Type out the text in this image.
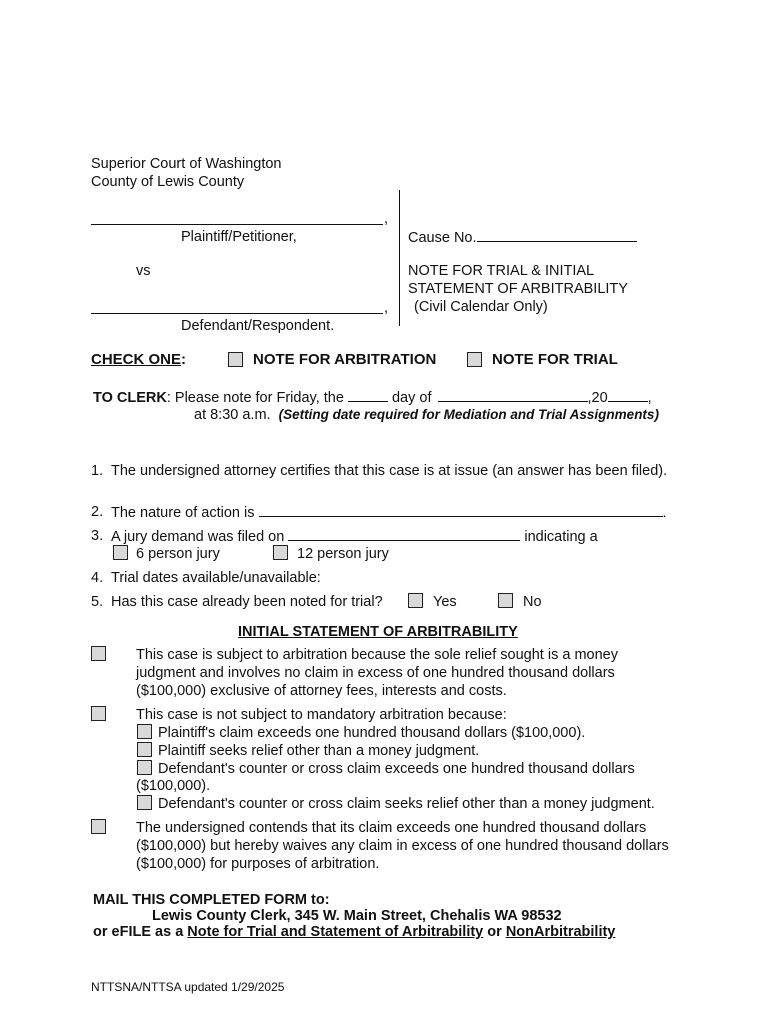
Superior Court of Washington
County of Lewis County
,
Plaintiff/Petitioner,
vs
,
Defendant/Respondent.
Cause No.
NOTE FOR TRIAL & INITIAL
STATEMENT OF ARBITRABILITY
(Civil Calendar Only)
CHECK ONE:	NOTE FOR ARBITRATION	NOTE FOR TRIAL
TO CLERK: Please note for Friday, the	day of	,20	,
at 8:30 a.m. (Setting date required for Mediation and Trial Assignments)
1. The undersigned attorney certifies that this case is at issue (an answer has been filed).
2. The nature of action is	.
3. A jury demand was filed on	indicating a
6 person jury	12 person jury
4. Trial dates available/unavailable:
5. Has this case already been noted for trial?	Yes	No
INITIAL STATEMENT OF ARBITRABILITY
This case is subject to arbitration because the sole relief sought is a money judgment and involves no claim in excess of one hundred thousand dollars ($100,000) exclusive of attorney fees, interests and costs.
This case is not subject to mandatory arbitration because:
Plaintiff's claim exceeds one hundred thousand dollars ($100,000).
Plaintiff seeks relief other than a money judgment.
Defendant's counter or cross claim exceeds one hundred thousand dollars
($100,000).
Defendant's counter or cross claim seeks relief other than a money judgment.
The undersigned contends that its claim exceeds one hundred thousand dollars ($100,000) but hereby waives any claim in excess of one hundred thousand dollars ($100,000) for purposes of arbitration.
MAIL THIS COMPLETED FORM to:
Lewis County Clerk, 345 W. Main Street, Chehalis WA 98532
or eFILE as a Note for Trial and Statement of Arbitrability or NonArbitrability
NTTSNA/NTTSA updated 1/29/2025
